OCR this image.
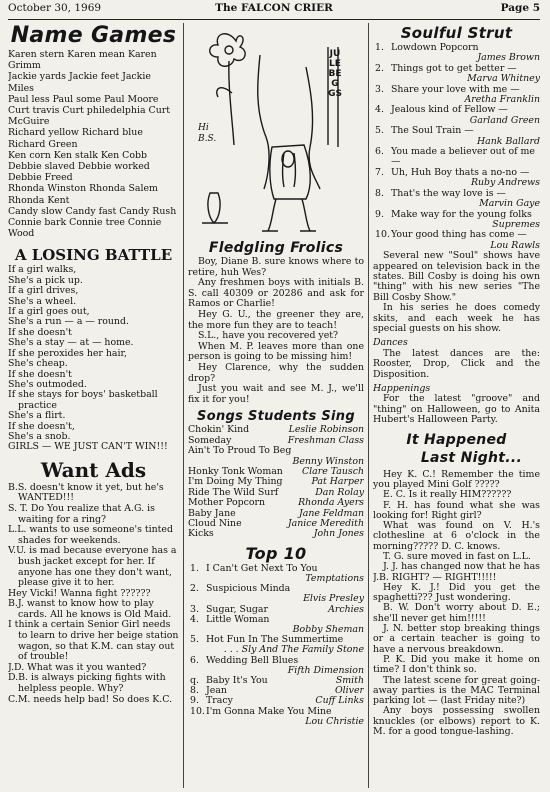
October 30, 1969	The FALCON CRIER	Page 5
Name Games

Karen stern Karen mean Karen Grimm

Jackie yards Jackie feet Jackie Miles

Paul less Paul some Paul Moore

Curt travis Curt philedelphia Curt McGuire

Richard yellow Richard blue Richard Green

Ken corn Ken stalk Ken Cobb

Debbie slaved Debbie worked Debbie Freed

Rhonda Winston Rhonda Salem Rhonda Kent

Candy slow Candy fast Candy Rush

Connie bark Connie tree Connie Wood

A LOSING BATTLE

If a girl walks,

She's a pick up.

If a girl drives,

She's a wheel.

If a girl goes out,

She's a run — a — round.

If she doesn't

She's a stay — at — home.

If she peroxides her hair,

She's cheap.

If she doesn't

She's outmoded.

If she stays for boys' basketball practice

She's a flirt.

If she doesn't,

She's a snob.

GIRLS — WE JUST CAN'T WIN!!!

Want Ads

B.S. doesn't know it yet, but he's WANTED!!!

S. T. Do You realize that A.G. is waiting for a ring?

L.L. wants to use someone's tinted shades for weekends.

V.U. is mad because everyone has a bush jacket except for her. If anyone has one they don't want, please give it to her.

Hey Vicki! Wanna fight ??????

B.J. wanst to know how to play cards. All he knows is Old Maid.

I think a certain Senior Girl needs to learn to drive her beige station wagon, so that K.M. can stay out of trouble!

J.D. What was it you wanted?

D.B. is always picking fights with helpless people. Why?

C.M. needs help bad! So does K.C.

JULE BEGGS
Hi B.S.
Fledgling Frolics

Boy, Diane B. sure knows where to retire, huh Wes?

Any freshmen boys with initials B. S. call 40309 or 20286 and ask for Ramos or Charlie!

Hey G. U., the greener they are, the more fun they are to teach!

S.L., have you recovered yet?

When M. P. leaves more than one person is going to be missing him!

Hey Clarence, why the sudden drop?

Just you wait and see M. J., we'll fix it for you!

Songs Students Sing
Chokin' Kind	Leslie Robinson
Someday	Freshman Class
Ain't To Proud To Beg
Benny Winston
Honky Tonk Woman Clare Tausch
I'm Doing My Thing	Pat Harper
Ride The Wild Surf	Dan Rolay
Mother Popcorn	Rhonda Ayers
Baby Jane	Jane Feldman
Cloud Nine	Janice Meredith
Kicks	John Jones
Top 10
1. I Can't Get Next To You
Temptations
2. Suspicious Minda
Elvis Presley
3. Sugar, Sugar	Archies
4. Little Woman
Bobby Sheman
5. Hot Fun In The Summertime
. . . Sly And The Family Stone
6. Wedding Bell Blues
Fifth Dimension
q. Baby It's You	Smith
8. Jean	Oliver
9. Tracy	Cuff Links
10. I'm Gonna Make You Mine
Lou Christie
Soulful Strut
1. Lowdown Popcorn
James Brown
2. Things got to get better —
Marva Whitney
3. Share your love with me —
Aretha Franklin
4. Jealous kind of Fellow —
Garland Green
5. The Soul Train —
Hank Ballard
6. You made a believer out of me —
7. Uh, Huh Boy thats a no-no —
Ruby Andrews
8. That's the way love is —
Marvin Gaye
9. Make way for the young folks
Supremes
10. Your good thing has come —
Lou Rawls

Several new "Soul" shows have appeared on television back in the states. Bill Cosby is doing his own "thing" with his new series "The Bill Cosby Show."

In his series he does comedy skits, and each week he has special guests on his show.

Dances

The latest dances are the: Rooster, Drop, Click and the Disposition.

Happenings

For the latest "groove" and "thing" on Halloween, go to Anita Hubert's Halloween Party.

It Happened
Last Night...

Hey K. C.! Remember the time you played Mini Golf ?????

E. C. Is it really HIM??????

F. H. has found what she was looking for! Right girl?

What was found on V. H.'s clothesline at 6 o'clock in the morning????? D. C. knows.

T. G. sure moved in fast on L.L.

J. J. has changed now that he has J.B. RIGHT? — RIGHT!!!!!

Hey K. J.! Did you get the spaghetti??? Just wondering.

B. W. Don't worry about D. E.; she'll never get him!!!!!

J. N. better stop breaking things or a certain teacher is going to have a nervous breakdown.

P. K. Did you make it home on time? I don't think so.

The latest scene for great going-away parties is the MAC Terminal parking lot — (last Friday nite?)

Any boys possessing swollen knuckles (or elbows) report to K. M. for a good tongue-lashing.
